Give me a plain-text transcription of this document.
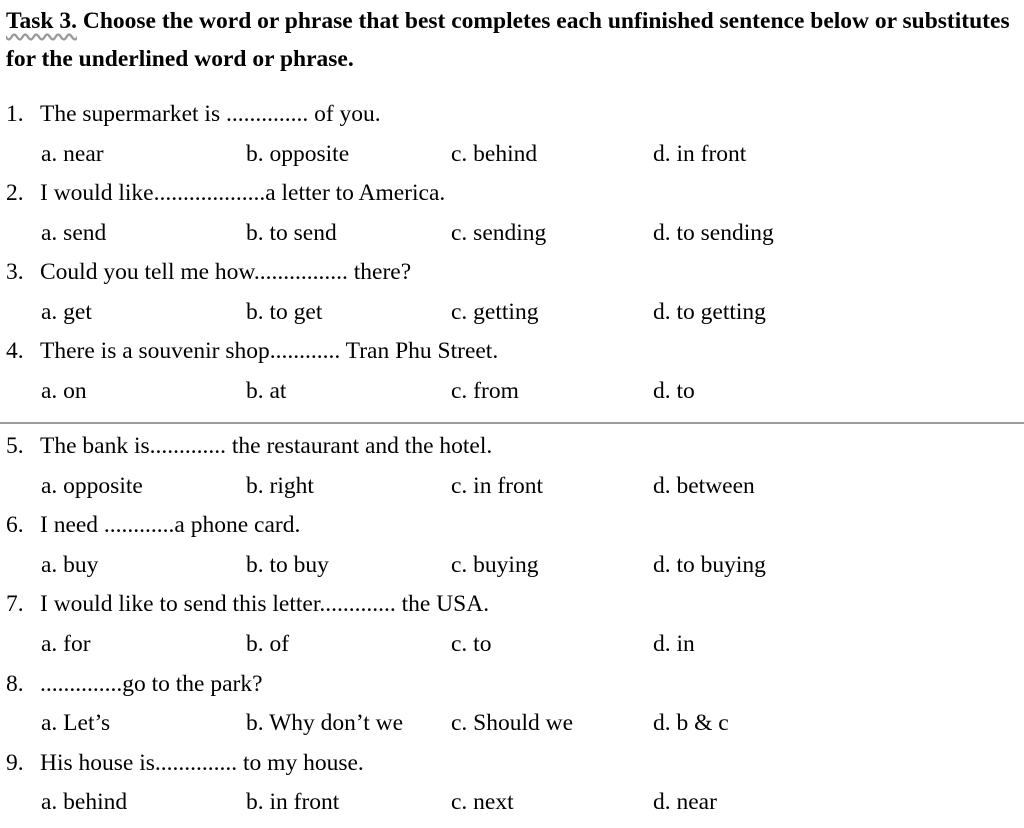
Task 3. Choose the word or phrase that best completes each unfinished sentence below or substitutes for the underlined word or phrase.
1. The supermarket is .............. of you.
a. near	b. opposite	c. behind	d. in front
2. I would like...................a letter to America.
a. send	b. to send	c. sending	d. to sending
3. Could you tell me how................ there?
a. get	b. to get	c. getting	d. to getting
4. There is a souvenir shop............ Tran Phu Street.
a. on	b. at	c. from	d. to
5. The bank is............. the restaurant and the hotel.
a. opposite	b. right	c. in front	d. between
6. I need ............a phone card.
a. buy	b. to buy	c. buying	d. to buying
7. I would like to send this letter............. the USA.
a. for	b. of	c. to	d. in
8. ..............go to the park?
a. Let’s	b. Why don’t we c. Should we	d. b & c
9. His house is.............. to my house.
a. behind	b. in front	c. next	d. near
